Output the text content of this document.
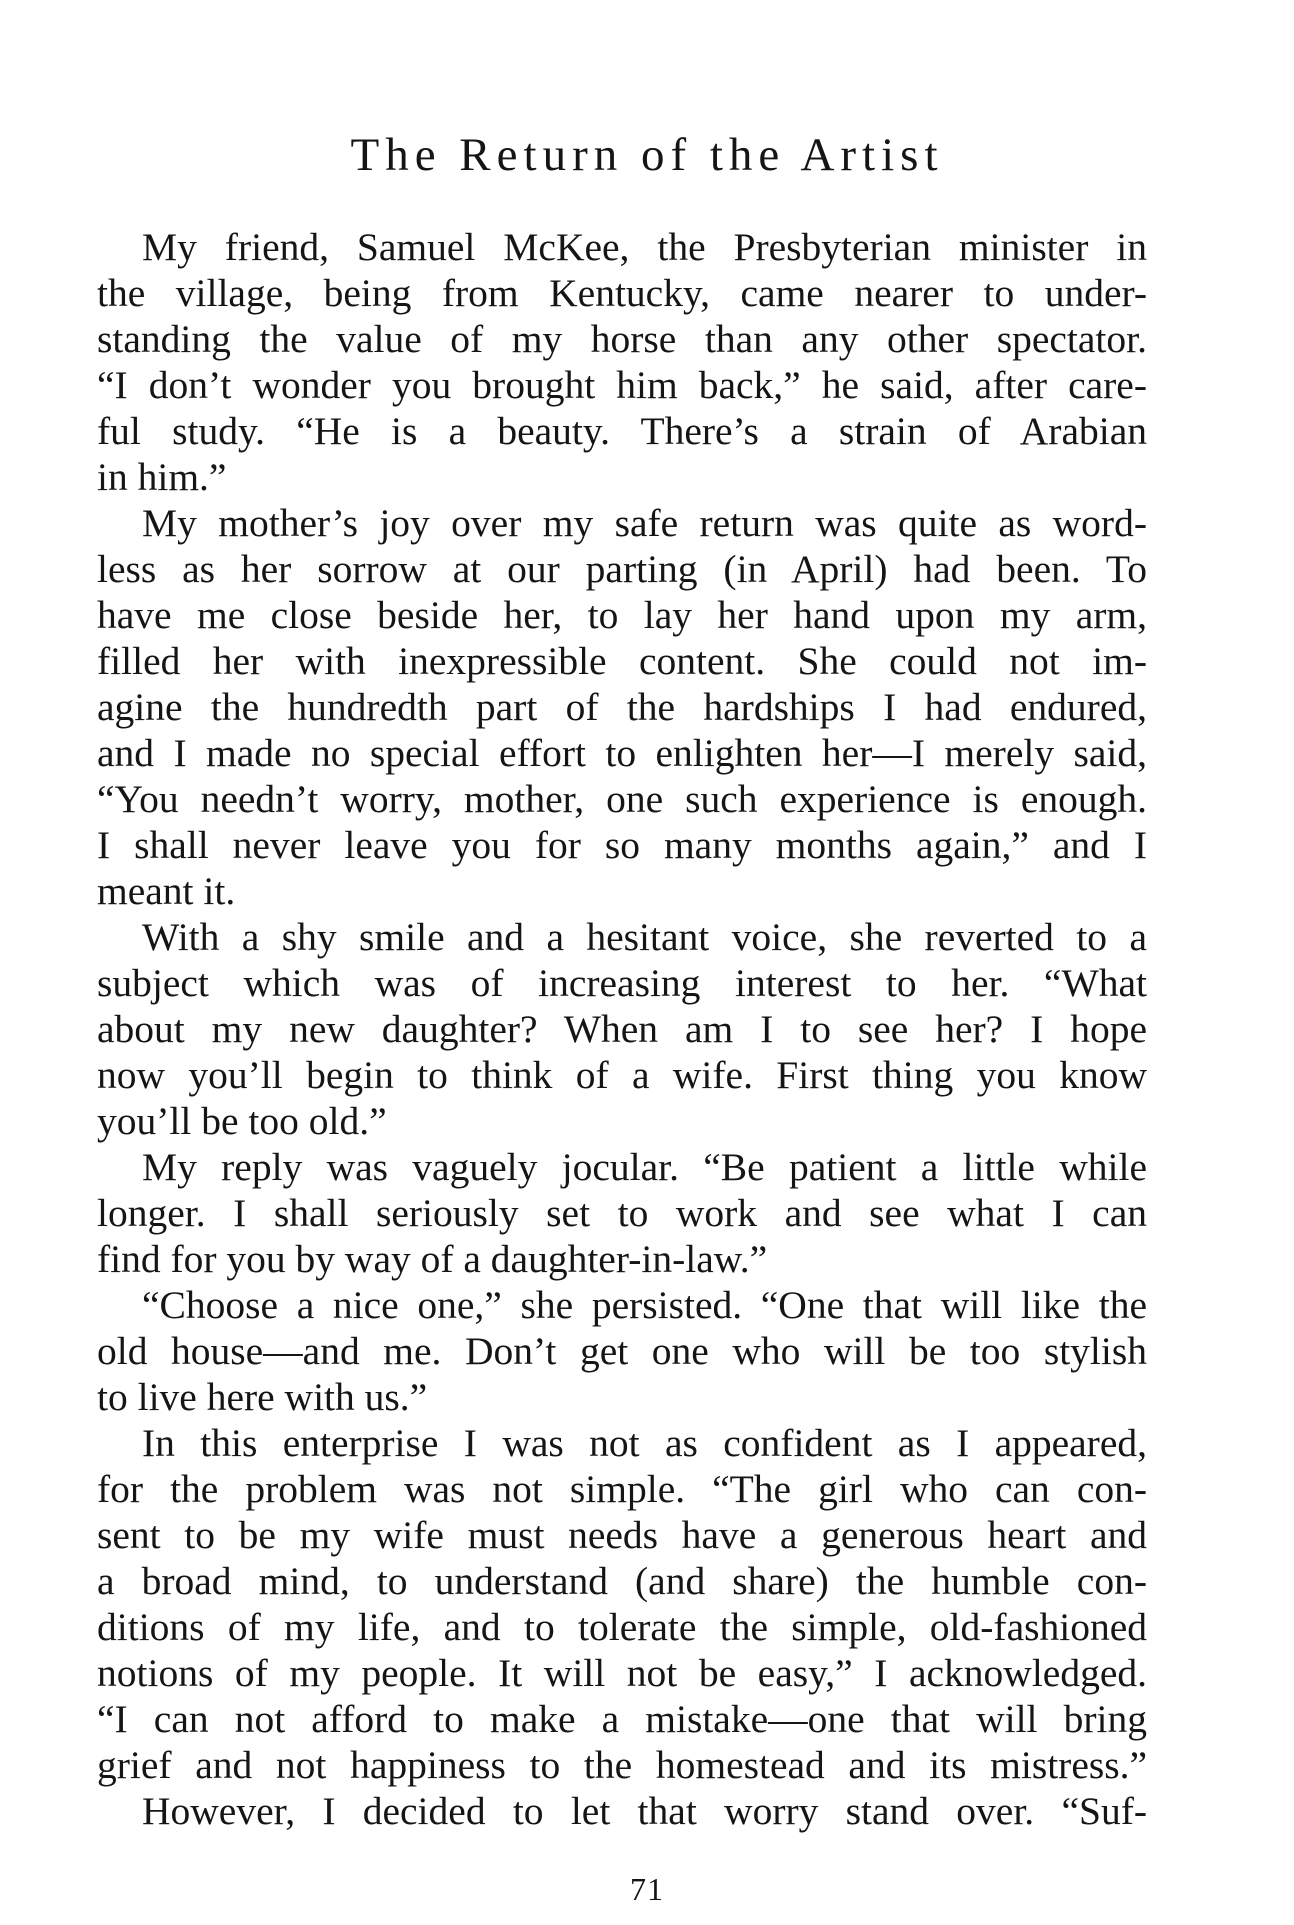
The Return of the Artist
My friend, Samuel McKee, the Presbyterian minister in
the village, being from Kentucky, came nearer to under-
standing the value of my horse than any other spectator.
“I don’t wonder you brought him back,” he said, after care-
ful study. “He is a beauty. There’s a strain of Arabian
in him.”
My mother’s joy over my safe return was quite as word-
less as her sorrow at our parting (in April) had been. To
have me close beside her, to lay her hand upon my arm,
filled her with inexpressible content. She could not im-
agine the hundredth part of the hardships I had endured,
and I made no special effort to enlighten her—I merely said,
“You needn’t worry, mother, one such experience is enough.
I shall never leave you for so many months again,” and I
meant it.
With a shy smile and a hesitant voice, she reverted to a
subject which was of increasing interest to her. “What
about my new daughter? When am I to see her? I hope
now you’ll begin to think of a wife. First thing you know
you’ll be too old.”
My reply was vaguely jocular. “Be patient a little while
longer. I shall seriously set to work and see what I can
find for you by way of a daughter-in-law.”
“Choose a nice one,” she persisted. “One that will like the
old house—and me. Don’t get one who will be too stylish
to live here with us.”
In this enterprise I was not as confident as I appeared,
for the problem was not simple. “The girl who can con-
sent to be my wife must needs have a generous heart and
a broad mind, to understand (and share) the humble con-
ditions of my life, and to tolerate the simple, old-fashioned
notions of my people. It will not be easy,” I acknowledged.
“I can not afford to make a mistake—one that will bring
grief and not happiness to the homestead and its mistress.”
However, I decided to let that worry stand over. “Suf-
71
